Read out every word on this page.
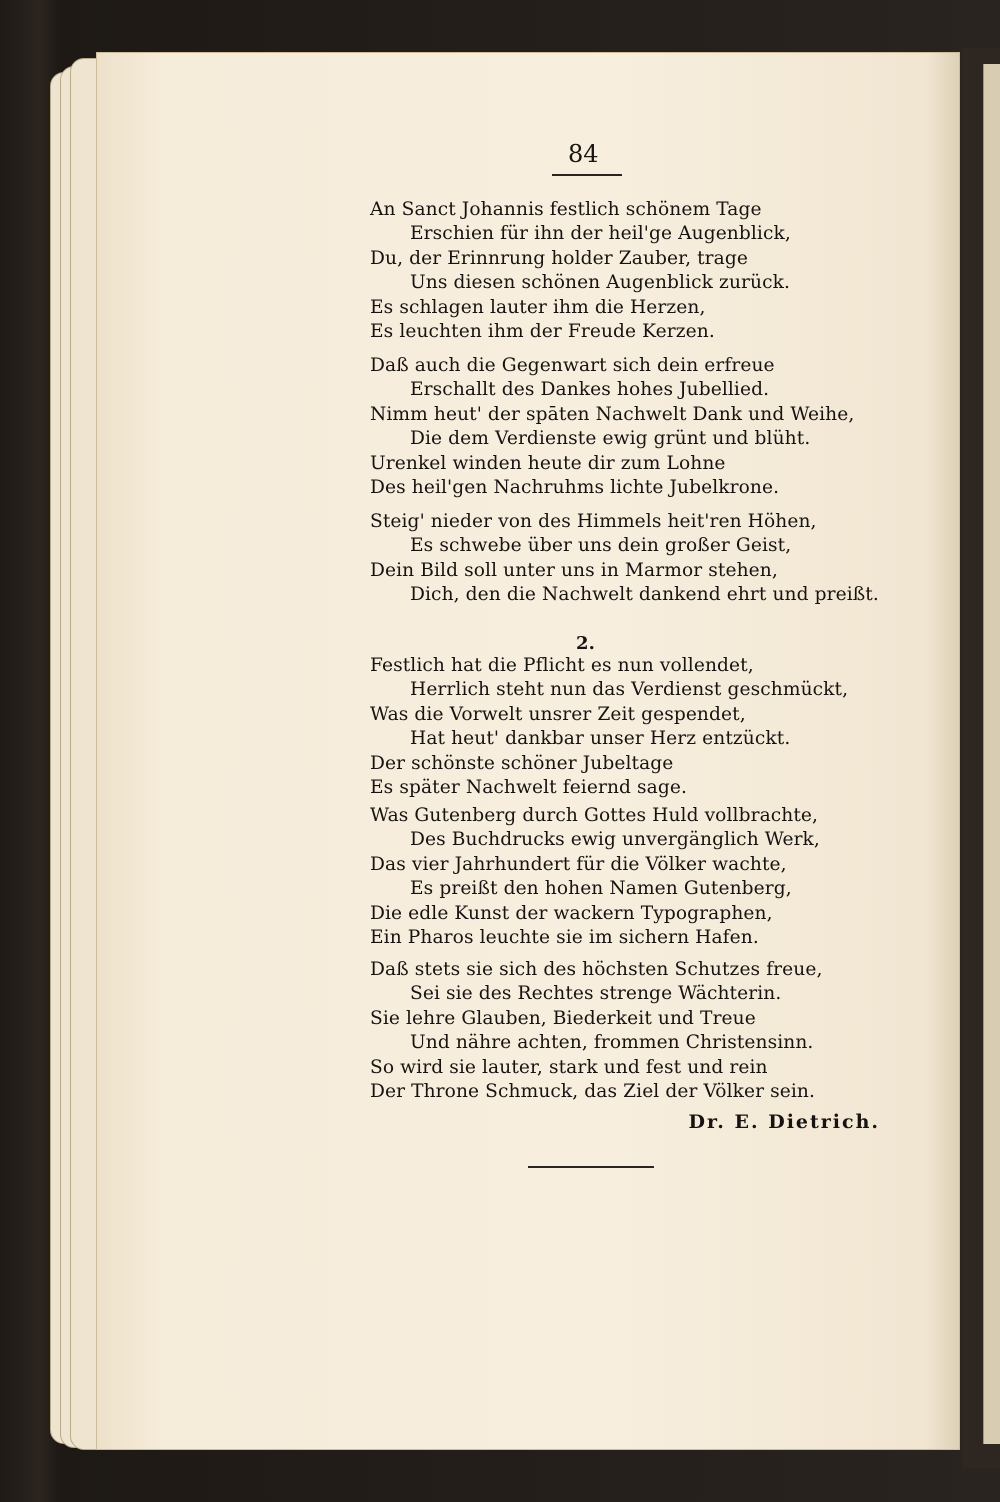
84
An Sanct Johannis festlich schönem Tage
Erschien für ihn der heil'ge Augenblick,
Du, der Erinnrung holder Zauber, trage
Uns diesen schönen Augenblick zurück.
Es schlagen lauter ihm die Herzen,
Es leuchten ihm der Freude Kerzen.
Daß auch die Gegenwart sich dein erfreue
Erschallt des Dankes hohes Jubellied.
Nimm heut' der spāten Nachwelt Dank und Weihe,
Die dem Verdienste ewig grünt und blüht.
Urenkel winden heute dir zum Lohne
Des heil'gen Nachruhms lichte Jubelkrone.
Steig' nieder von des Himmels heit'ren Höhen,
Es schwebe über uns dein großer Geist,
Dein Bild soll unter uns in Marmor stehen,
Dich, den die Nachwelt dankend ehrt und preißt.
2.
Festlich hat die Pflicht es nun vollendet,
Herrlich steht nun das Verdienst geschmückt,
Was die Vorwelt unsrer Zeit gespendet,
Hat heut' dankbar unser Herz entzückt.
Der schönste schöner Jubeltage
Es später Nachwelt feiernd sage.
Was Gutenberg durch Gottes Huld vollbrachte,
Des Buchdrucks ewig unvergänglich Werk,
Das vier Jahrhundert für die Völker wachte,
Es preißt den hohen Namen Gutenberg,
Die edle Kunst der wackern Typographen,
Ein Pharos leuchte sie im sichern Hafen.
Daß stets sie sich des höchsten Schutzes freue,
Sei sie des Rechtes strenge Wächterin.
Sie lehre Glauben, Biederkeit und Treue
Und nähre achten, frommen Christensinn.
So wird sie lauter, stark und fest und rein
Der Throne Schmuck, das Ziel der Völker sein.
Dr. E. Dietrich.
